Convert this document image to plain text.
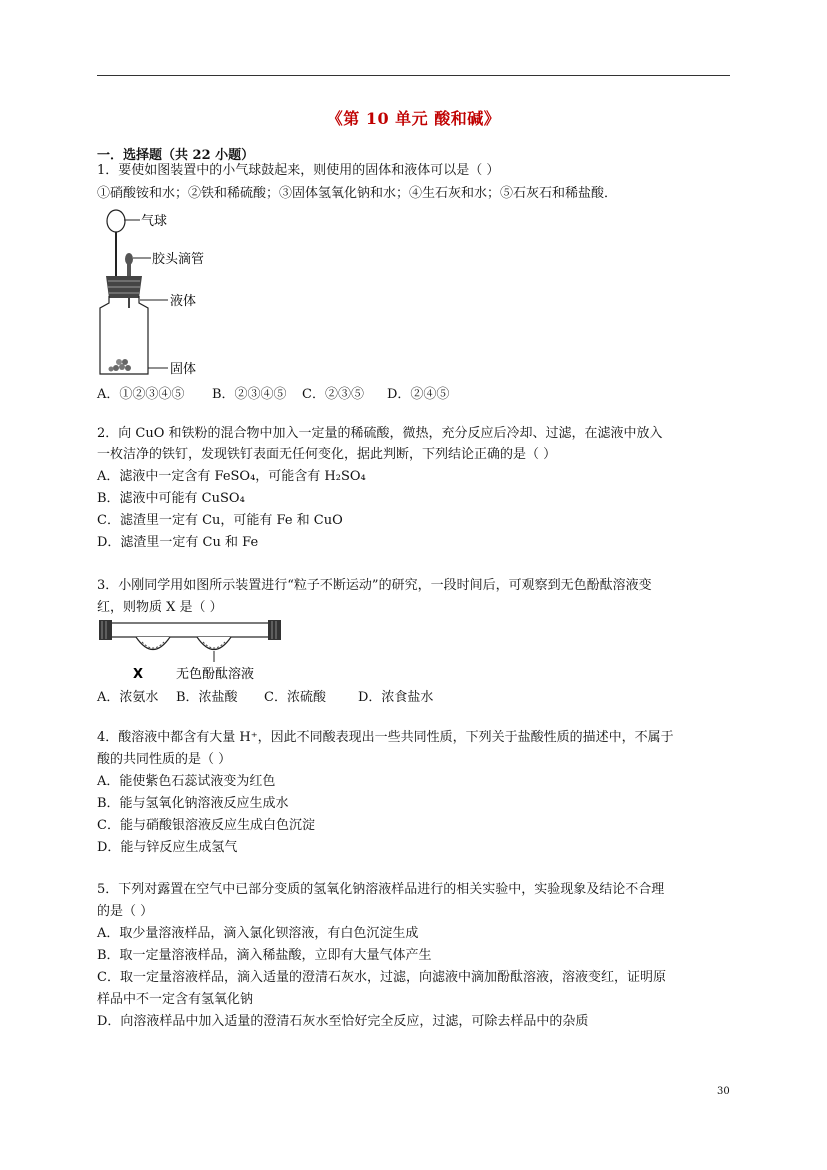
《第 10 单元 酸和碱》
一．选择题（共 22 小题）
1．要使如图装置中的小气球鼓起来，则使用的固体和液体可以是（ ）
①硝酸铵和水；②铁和稀硫酸；③固体氢氧化钠和水；④生石灰和水；⑤石灰石和稀盐酸．
气球
胶头滴管
液体
固体
A．①②③④⑤ B．②③④⑤ C．②③⑤ D．②④⑤
2．向 CuO 和铁粉的混合物中加入一定量的稀硫酸，微热，充分反应后冷却、过滤，在滤液中放入
一枚洁净的铁钉，发现铁钉表面无任何变化，据此判断，下列结论正确的是（ ）
A．滤液中一定含有 FeSO₄，可能含有 H₂SO₄
B．滤液中可能有 CuSO₄
C．滤渣里一定有 Cu，可能有 Fe 和 CuO
D．滤渣里一定有 Cu 和 Fe
3．小刚同学用如图所示装置进行“粒子不断运动”的研究，一段时间后，可观察到无色酚酞溶液变
红，则物质 X 是（ ）
X	无色酚酞溶液
A．浓氨水 B．浓盐酸 C．浓硫酸 D．浓食盐水
4．酸溶液中都含有大量 H⁺，因此不同酸表现出一些共同性质，下列关于盐酸性质的描述中，不属于
酸的共同性质的是（ ）
A．能使紫色石蕊试液变为红色
B．能与氢氧化钠溶液反应生成水
C．能与硝酸银溶液反应生成白色沉淀
D．能与锌反应生成氢气
5．下列对露置在空气中已部分变质的氢氧化钠溶液样品进行的相关实验中，实验现象及结论不合理
的是（ ）
A．取少量溶液样品，滴入氯化钡溶液，有白色沉淀生成
B．取一定量溶液样品，滴入稀盐酸，立即有大量气体产生
C．取一定量溶液样品，滴入适量的澄清石灰水，过滤，向滤液中滴加酚酞溶液，溶液变红，证明原
样品中不一定含有氢氧化钠
D．向溶液样品中加入适量的澄清石灰水至恰好完全反应，过滤，可除去样品中的杂质
30
